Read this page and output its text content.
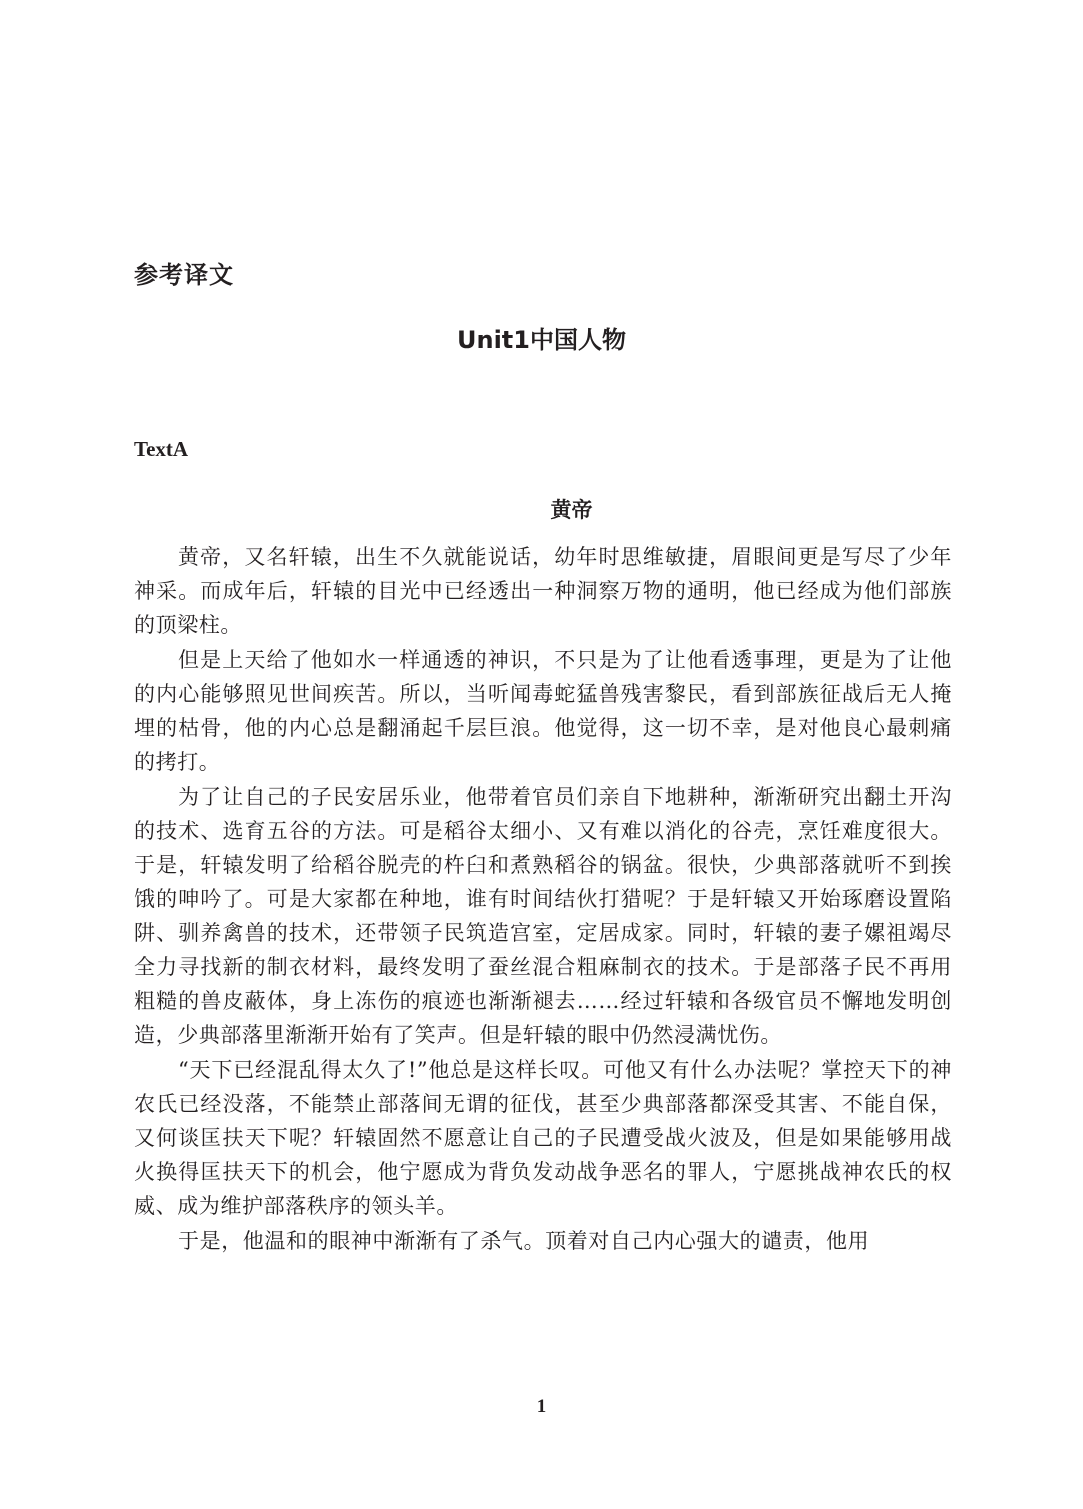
参考译文
Unit1中国人物
TextA
黄帝

黄帝，又名轩辕，出生不久就能说话，幼年时思维敏捷，眉眼间更是写尽了少年神采。而成年后，轩辕的目光中已经透出一种洞察万物的通明，他已经成为他们部族的顶梁柱。

但是上天给了他如水一样通透的神识，不只是为了让他看透事理，更是为了让他的内心能够照见世间疾苦。所以，当听闻毒蛇猛兽残害黎民，看到部族征战后无人掩埋的枯骨，他的内心总是翻涌起千层巨浪。他觉得，这一切不幸，是对他良心最刺痛的拷打。

为了让自己的子民安居乐业，他带着官员们亲自下地耕种，渐渐研究出翻土开沟的技术、选育五谷的方法。可是稻谷太细小、又有难以消化的谷壳，烹饪难度很大。于是，轩辕发明了给稻谷脱壳的杵臼和煮熟稻谷的锅盆。很快，少典部落就听不到挨饿的呻吟了。可是大家都在种地，谁有时间结伙打猎呢？于是轩辕又开始琢磨设置陷阱、驯养禽兽的技术，还带领子民筑造宫室，定居成家。同时，轩辕的妻子嫘祖竭尽全力寻找新的制衣材料，最终发明了蚕丝混合粗麻制衣的技术。于是部落子民不再用粗糙的兽皮蔽体，身上冻伤的痕迹也渐渐褪去……经过轩辕和各级官员不懈地发明创造，少典部落里渐渐开始有了笑声。但是轩辕的眼中仍然浸满忧伤。

“天下已经混乱得太久了!”他总是这样长叹。可他又有什么办法呢？掌控天下的神农氏已经没落，不能禁止部落间无谓的征伐，甚至少典部落都深受其害、不能自保，又何谈匡扶天下呢？轩辕固然不愿意让自己的子民遭受战火波及，但是如果能够用战火换得匡扶天下的机会，他宁愿成为背负发动战争恶名的罪人，宁愿挑战神农氏的权威、成为维护部落秩序的领头羊。

于是，他温和的眼神中渐渐有了杀气。顶着对自己内心强大的谴责，他用

1
